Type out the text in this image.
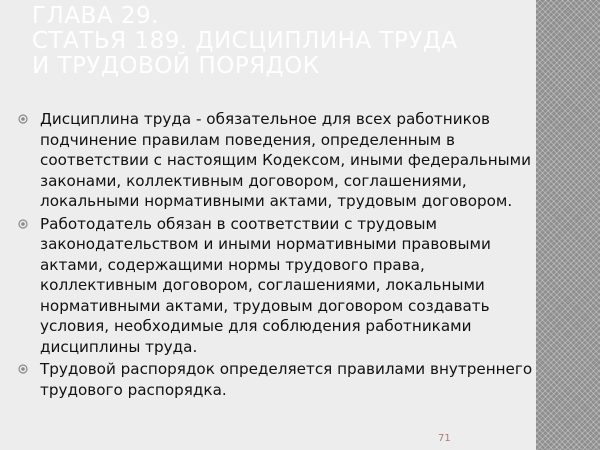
ГЛАВА 29.
СТАТЬЯ 189. ДИСЦИПЛИНА ТРУДА
И ТРУДОВОЙ ПОРЯДОК
Дисциплина труда - обязательное для всех работников подчинение правилам поведения, определенным в соответствии с настоящим Кодексом, иными федеральными законами, коллективным договором, соглашениями, локальными нормативными актами, трудовым договором.
Работодатель обязан в соответствии с трудовым законодательством и иными нормативными правовыми актами, содержащими нормы трудового права, коллективным договором, соглашениями, локальными нормативными актами, трудовым договором создавать условия, необходимые для соблюдения работниками дисциплины труда.
Трудовой распорядок определяется правилами внутреннего трудового распорядка.
71
